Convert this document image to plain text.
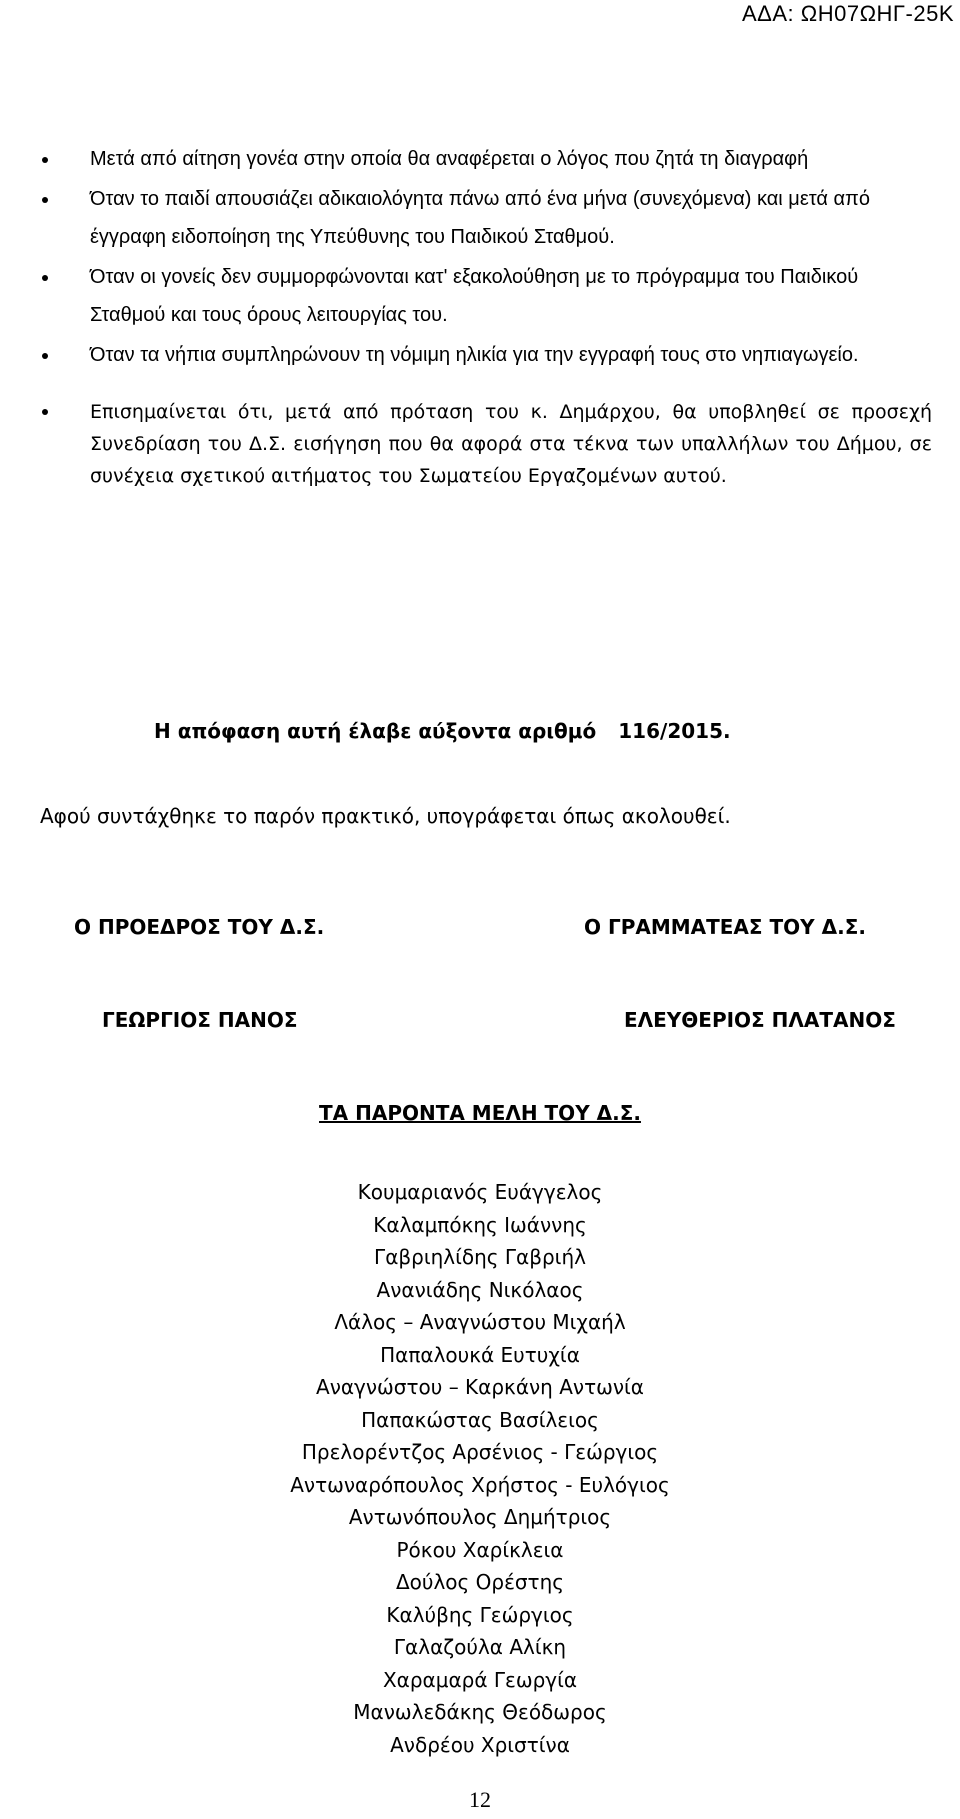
ΑΔΑ: ΩΗ07ΩΗΓ-25Κ
Μετά από αίτηση γονέα στην οποία θα αναφέρεται ο λόγος που ζητά τη διαγραφή
Όταν το παιδί απουσιάζει αδικαιολόγητα πάνω από ένα μήνα (συνεχόμενα) και μετά από έγγραφη ειδοποίηση της Υπεύθυνης του Παιδικού Σταθμού.
Όταν οι γονείς δεν συμμορφώνονται κατ' εξακολούθηση με το πρόγραμμα του Παιδικού Σταθμού και τους όρους λειτουργίας του.
Όταν τα νήπια συμπληρώνουν τη νόμιμη ηλικία για την εγγραφή τους στο νηπιαγωγείο.
Επισημαίνεται ότι, μετά από πρόταση του κ. Δημάρχου, θα υποβληθεί σε προσεχή Συνεδρίαση του Δ.Σ. εισήγηση που θα αφορά στα τέκνα των υπαλλήλων του Δήμου, σε συνέχεια σχετικού αιτήματος του Σωματείου Εργαζομένων αυτού.
Η απόφαση αυτή έλαβε αύξοντα αριθμό 116/2015.
Αφού συντάχθηκε το παρόν πρακτικό, υπογράφεται όπως ακολουθεί.
Ο ΠΡΟΕΔΡΟΣ ΤΟΥ Δ.Σ.	Ο ΓΡΑΜΜΑΤΕΑΣ ΤΟΥ Δ.Σ.
ΓΕΩΡΓΙΟΣ ΠΑΝΟΣ	ΕΛΕΥΘΕΡΙΟΣ ΠΛΑΤΑΝΟΣ
ΤΑ ΠΑΡΟΝΤΑ ΜΕΛΗ ΤΟΥ Δ.Σ.
Κουμαριανός Ευάγγελος
Καλαμπόκης Ιωάννης
Γαβριηλίδης Γαβριήλ
Ανανιάδης Νικόλαος
Λάλος – Αναγνώστου Μιχαήλ
Παπαλουκά Ευτυχία
Αναγνώστου – Καρκάνη Αντωνία
Παπακώστας Βασίλειος
Πρελορέντζος Αρσένιος - Γεώργιος
Αντωναρόπουλος Χρήστος - Ευλόγιος
Αντωνόπουλος Δημήτριος
Ρόκου Χαρίκλεια
Δούλος Ορέστης
Καλύβης Γεώργιος
Γαλαζούλα Αλίκη
Χαραμαρά Γεωργία
Μανωλεδάκης Θεόδωρος
Ανδρέου Χριστίνα
12
